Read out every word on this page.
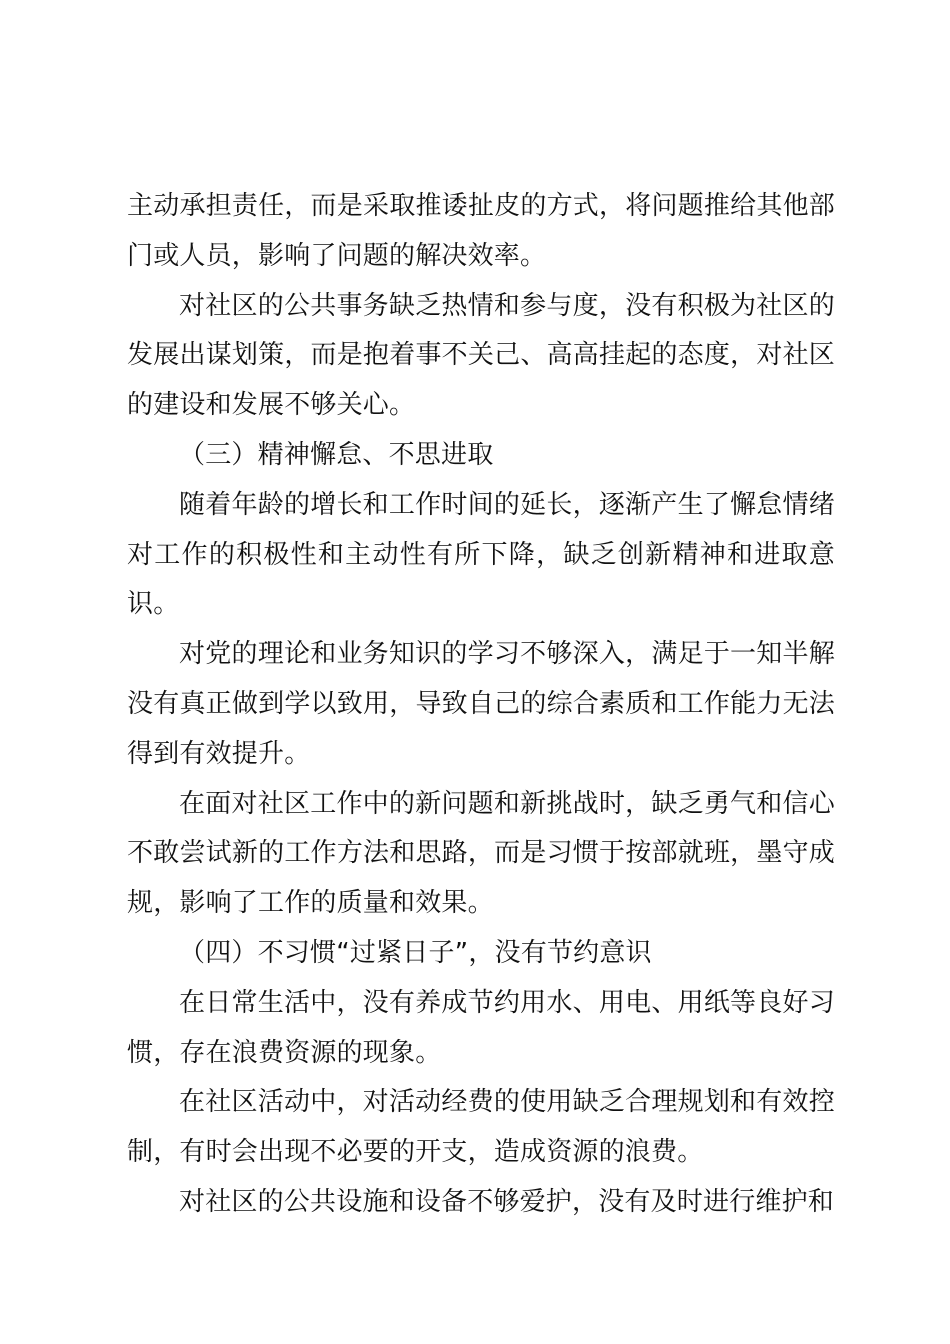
主动承担责任，而是采取推诿扯皮的方式，将问题推给其他部门或人员，影响了问题的解决效率。

对社区的公共事务缺乏热情和参与度，没有积极为社区的发展出谋划策，而是抱着事不关己、高高挂起的态度，对社区的建设和发展不够关心。

（三）精神懈怠、不思进取

随着年龄的增长和工作时间的延长，逐渐产生了懈怠情绪对工作的积极性和主动性有所下降，缺乏创新精神和进取意识。

对党的理论和业务知识的学习不够深入，满足于一知半解没有真正做到学以致用，导致自己的综合素质和工作能力无法得到有效提升。

在面对社区工作中的新问题和新挑战时，缺乏勇气和信心不敢尝试新的工作方法和思路，而是习惯于按部就班，墨守成规，影响了工作的质量和效果。

（四）不习惯“过紧日子”，没有节约意识

在日常生活中，没有养成节约用水、用电、用纸等良好习惯，存在浪费资源的现象。

在社区活动中，对活动经费的使用缺乏合理规划和有效控制，有时会出现不必要的开支，造成资源的浪费。

对社区的公共设施和设备不够爱护，没有及时进行维护和
